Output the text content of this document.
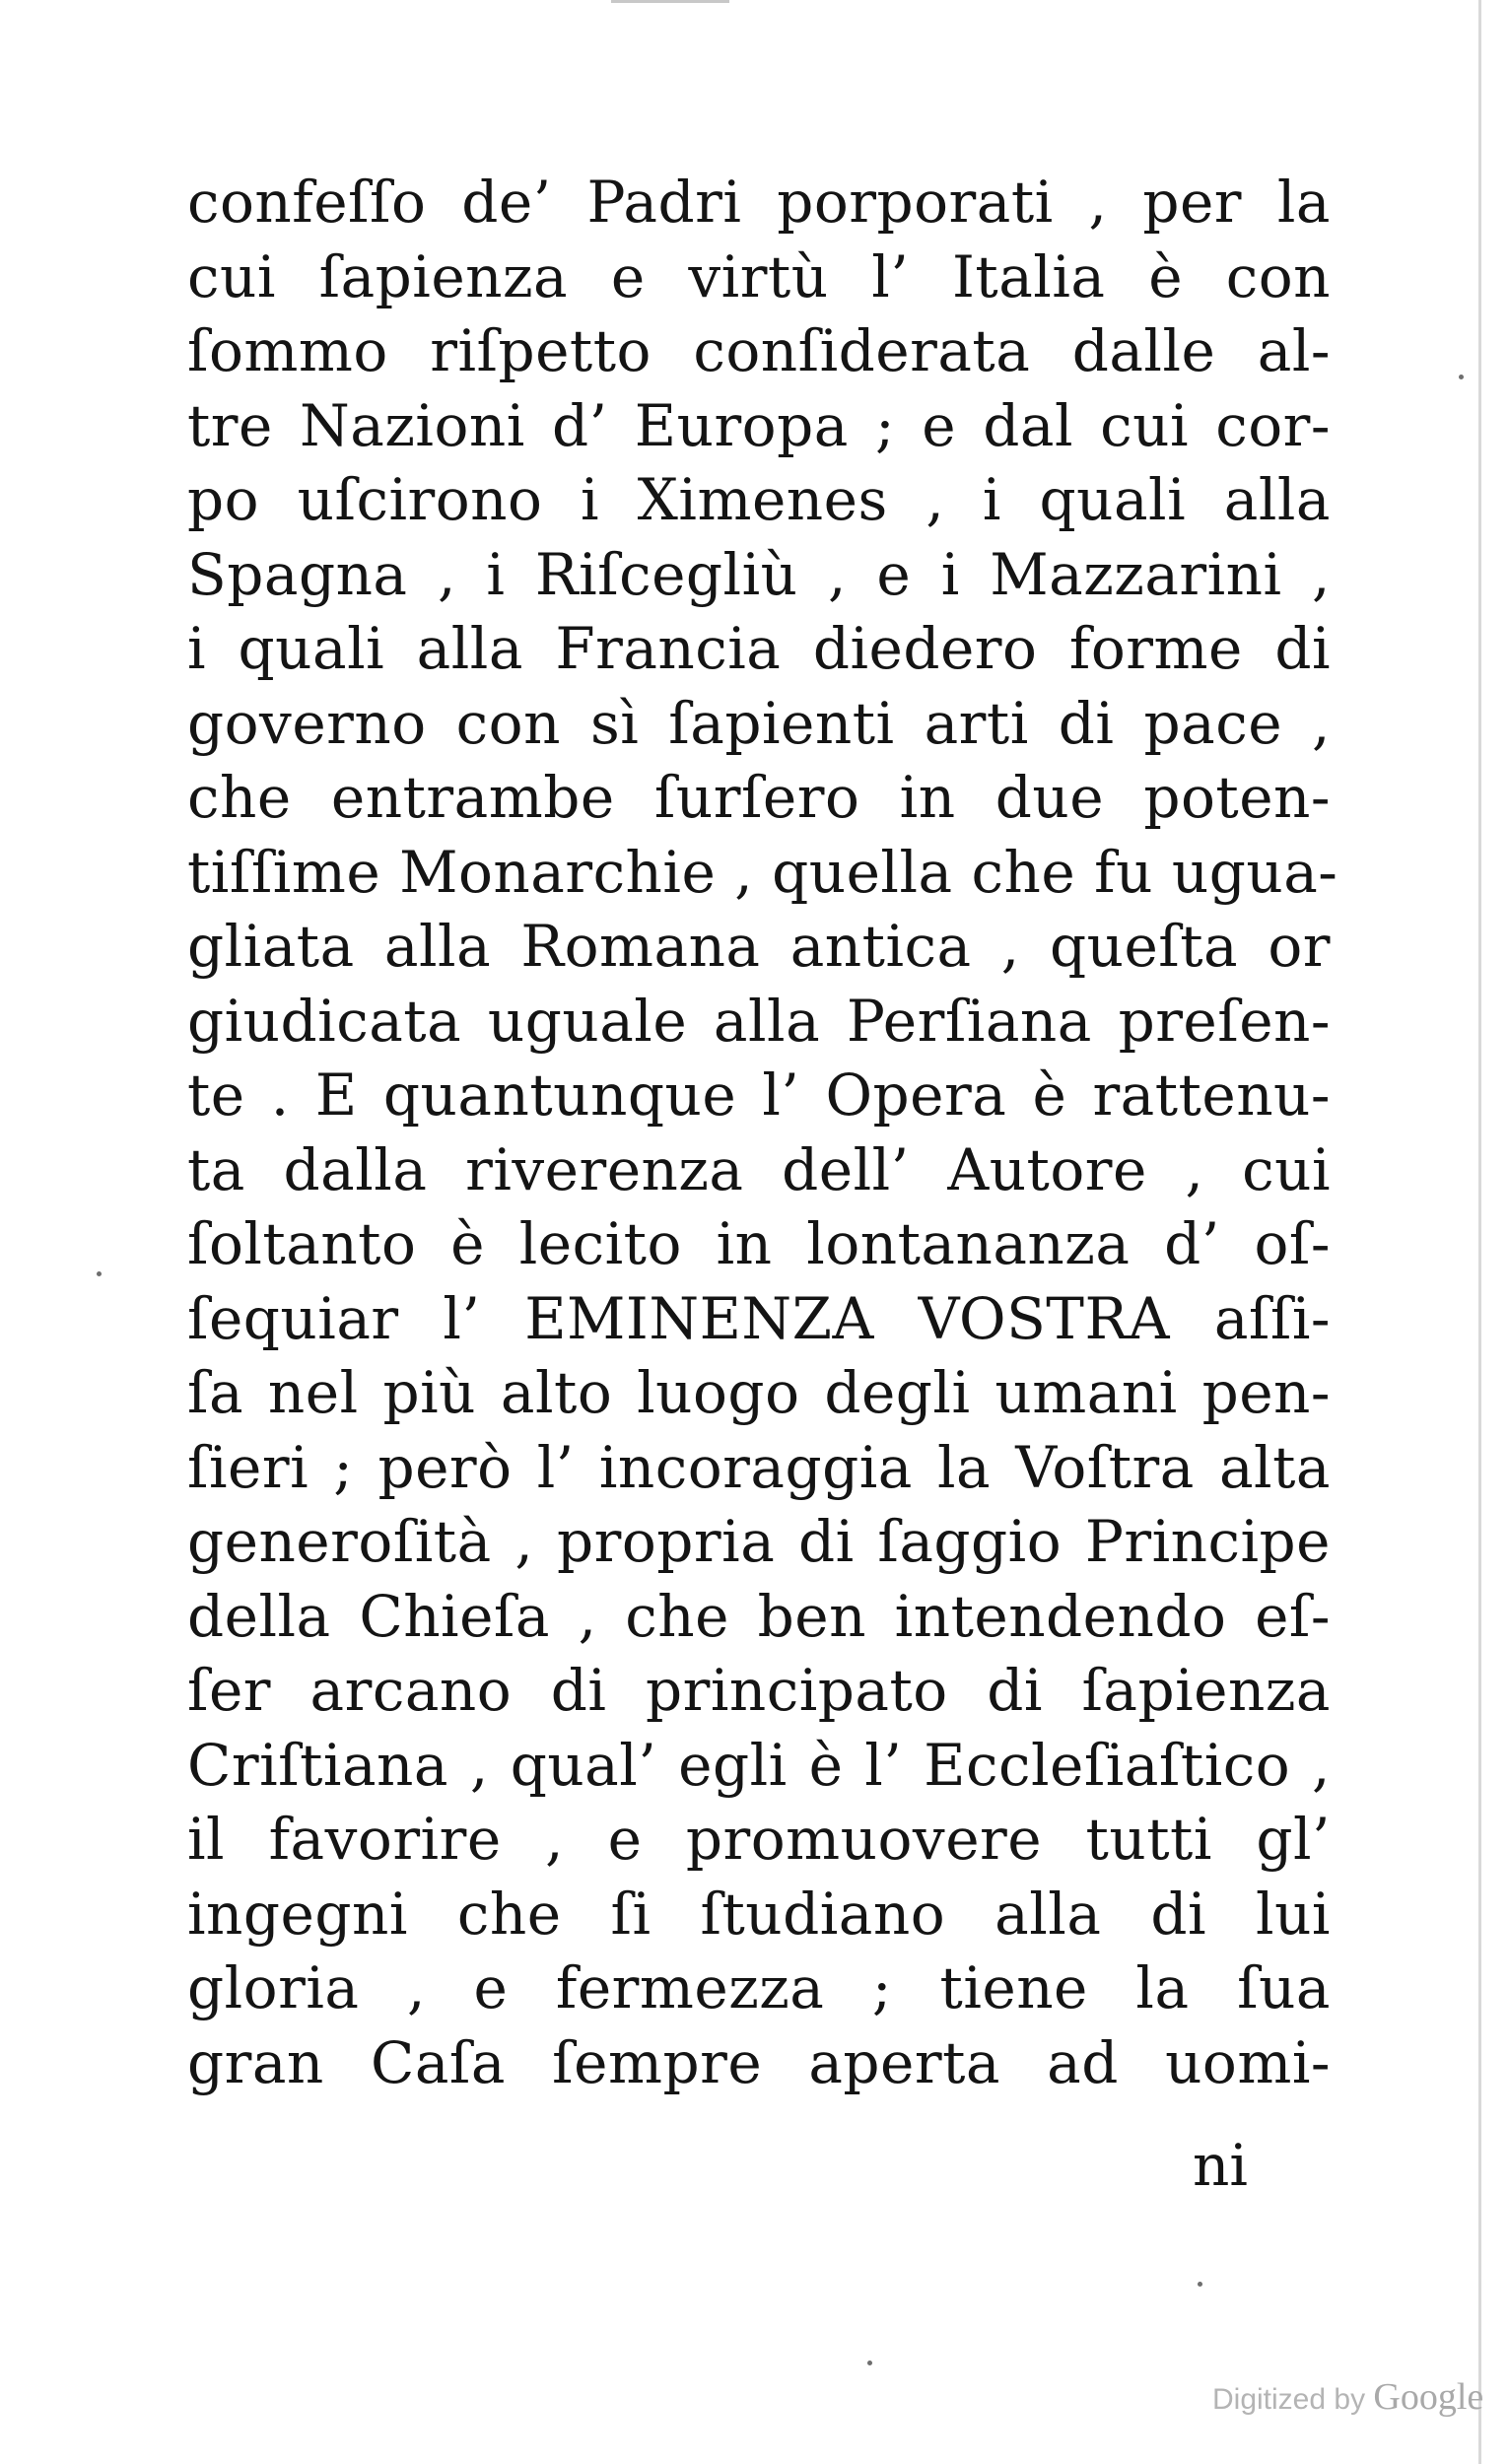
confeſſo de’ Padri porporati , per la
cui ſapienza e virtù l’ Italia è con
ſommo riſpetto conſiderata dalle al-
tre Nazioni d’ Europa ; e dal cui cor-
po uſcirono i Ximenes , i quali alla
Spagna , i Riſcegliù , e i Mazzarini ,
i quali alla Francia diedero forme di
governo con sì ſapienti arti di pace ,
che entrambe ſurſero in due poten-
tiſſime Monarchie , quella che fu ugua-
gliata alla Romana antica , queſta or
giudicata uguale alla Perſiana preſen-
te . E quantunque l’ Opera è rattenu-
ta dalla riverenza dell’ Autore , cui
ſoltanto è lecito in lontananza d’ oſ-
ſequiar l’ EMINENZA VOSTRA aſſi-
ſa nel più alto luogo degli umani pen-
ſieri ; però l’ incoraggia la Voſtra alta
generoſità , propria di ſaggio Principe
della Chieſa , che ben intendendo eſ-
ſer arcano di principato di ſapienza
Criſtiana , qual’ egli è l’ Eccleſiaſtico ,
il favorire , e promuovere tutti gl’
ingegni che ſi ſtudiano alla di lui
gloria , e fermezza ; tiene la ſua
gran Caſa ſempre aperta ad uomi-
ni
Digitized by Google
